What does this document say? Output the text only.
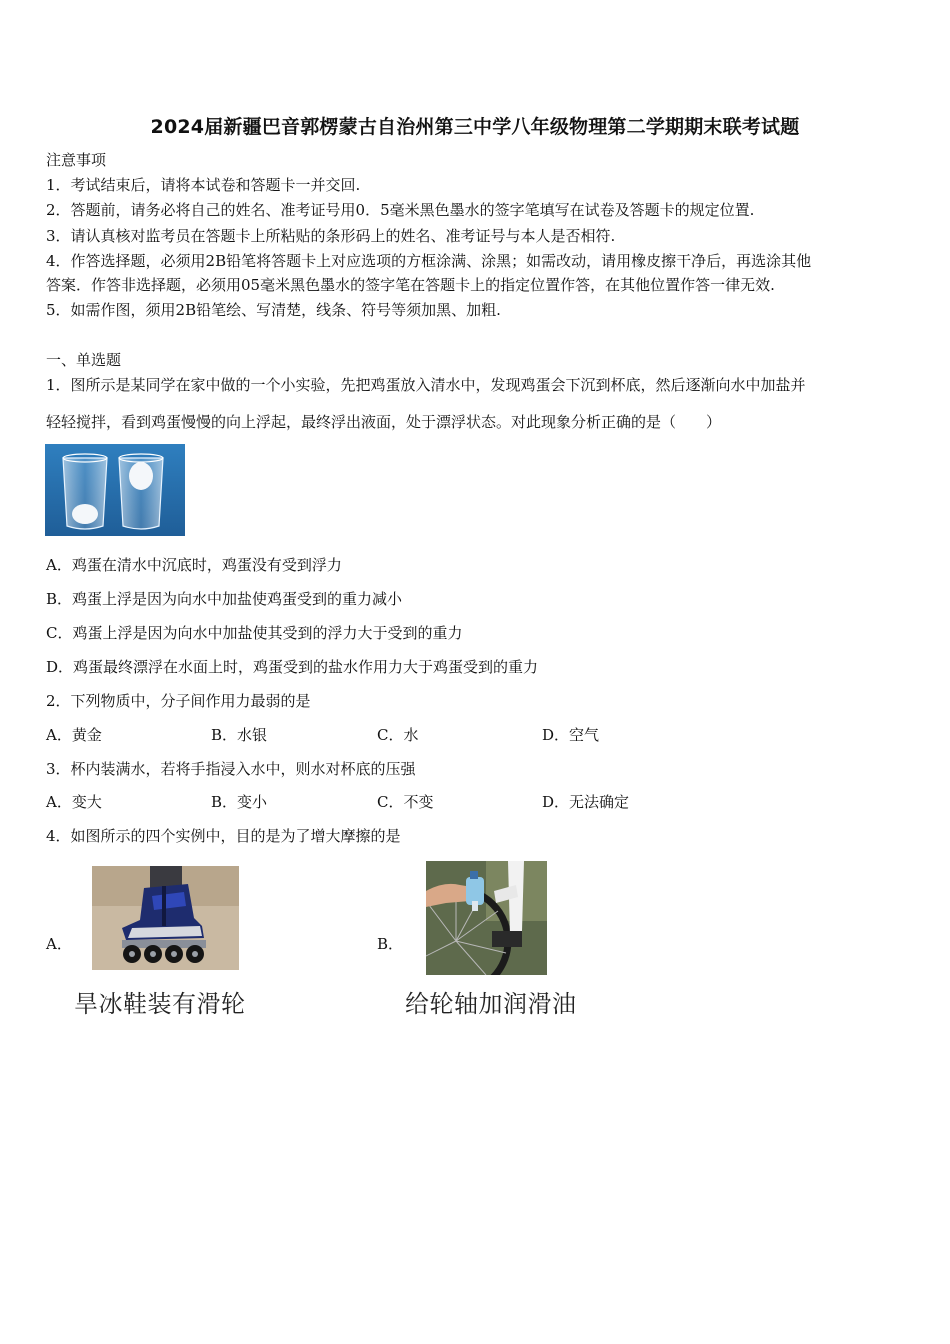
2024届新疆巴音郭楞蒙古自治州第三中学八年级物理第二学期期末联考试题
注意事项
1．考试结束后，请将本试卷和答题卡一并交回.
2．答题前，请务必将自己的姓名、准考证号用0．5毫米黑色墨水的签字笔填写在试卷及答题卡的规定位置.
3．请认真核对监考员在答题卡上所粘贴的条形码上的姓名、准考证号与本人是否相符.
4．作答选择题，必须用2B铅笔将答题卡上对应选项的方框涂满、涂黑；如需改动，请用橡皮擦干净后，再选涂其他
答案．作答非选择题，必须用05毫米黑色墨水的签字笔在答题卡上的指定位置作答，在其他位置作答一律无效.
5．如需作图，须用2B铅笔绘、写清楚，线条、符号等须加黑、加粗.
一、单选题
1．图所示是某同学在家中做的一个小实验，先把鸡蛋放入清水中，发现鸡蛋会下沉到杯底，然后逐渐向水中加盐并
轻轻搅拌，看到鸡蛋慢慢的向上浮起，最终浮出液面，处于漂浮状态。对此现象分析正确的是（　　）
A．鸡蛋在清水中沉底时，鸡蛋没有受到浮力
B．鸡蛋上浮是因为向水中加盐使鸡蛋受到的重力减小
C．鸡蛋上浮是因为向水中加盐使其受到的浮力大于受到的重力
D．鸡蛋最终漂浮在水面上时，鸡蛋受到的盐水作用力大于鸡蛋受到的重力
2．下列物质中，分子间作用力最弱的是
A．黄金	B．水银	C．水	D．空气
3．杯内装满水，若将手指浸入水中，则水对杯底的压强
A．变大	B．变小	C．不变	D．无法确定
4．如图所示的四个实例中，目的是为了增大摩擦的是
A．
旱冰鞋装有滑轮
B．
给轮轴加润滑油
